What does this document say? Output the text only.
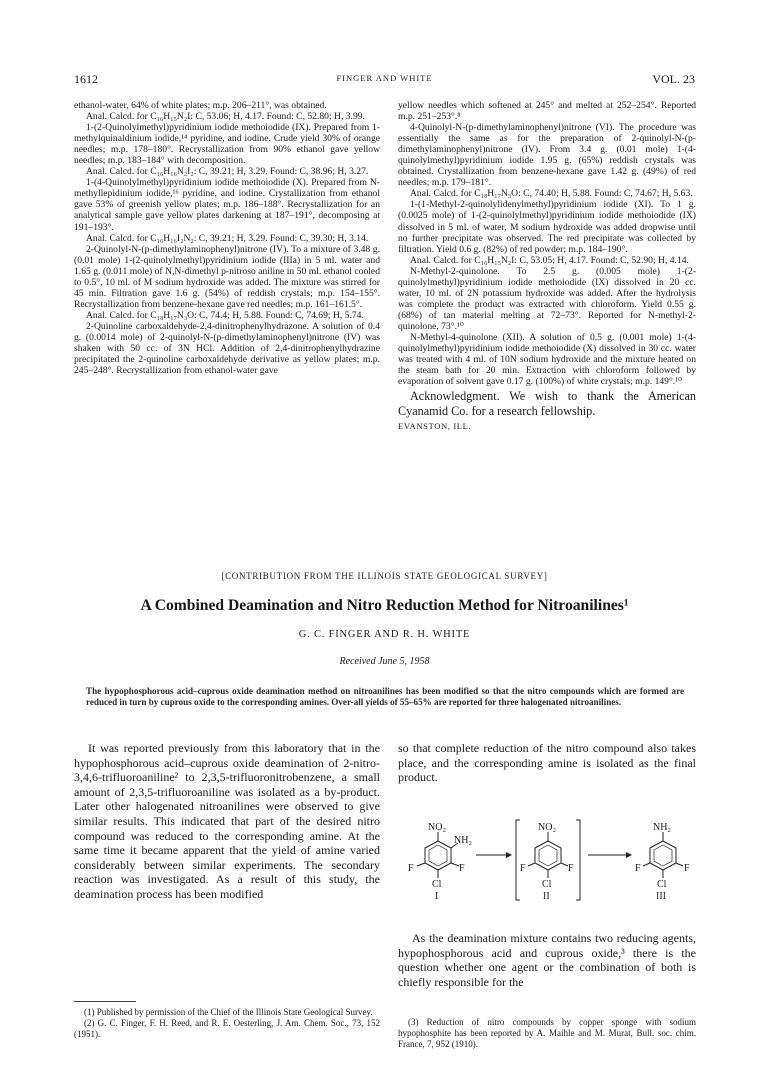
1612	FINGER AND WHITE	VOL. 23

ethanol-water, 64% of white plates; m.p. 206–211°, was obtained.

Anal. Calcd. for C₁₆H₁₅N₂I: C, 53.06; H, 4.17. Found: C, 52.80; H, 3.99.

1-(2-Quinolylmethyl)pyridinium iodide methoiodide (IX). Prepared from 1-methylquinaldinium iodide,¹⁴ pyridine, and iodine. Crude yield 30% of orange needles; m.p. 178–180°. Recrystallization from 90% ethanol gave yellow needles; m.p. 183–184° with decomposition.

Anal. Calcd. for C₁₆H₁₆N₂I₂: C, 39.21; H, 3.29. Found: C, 38.96; H, 3.27.

1-(4-Quinolylmethyl)pyridinium iodide methoiodide (X). Prepared from N-methyllepidinium iodide,¹⁶ pyridine, and iodine. Crystallization from ethanol gave 53% of greenish yellow plates; m.p. 186–188°. Recrystallization for an analytical sample gave yellow plates darkening at 187–191°, decomposing at 191–193°.

Anal. Calcd. for C₁₆H₁₆I₂N₂: C, 39.21; H, 3.29. Found: C, 39.30; H, 3.14.

2-Quinolyl-N-(p-dimethylaminophenyl)nitrone (IV). To a mixture of 3.48 g. (0.01 mole) 1-(2-quinolylmethyl)pyridinium iodide (IIIa) in 5 ml. water and 1.65 g. (0.011 mole) of N,N-dimethyl p-nitroso aniline in 50 ml. ethanol cooled to 0.5°, 10 ml. of M sodium hydroxide was added. The mixture was stirred for 45 min. Filtration gave 1.6 g. (54%) of reddish crystals; m.p. 154–155°. Recrystallization from benzene-hexane gave red needles; m.p. 161–161.5°.

Anal. Calcd. for C₁₈H₁₇N₃O: C, 74.4; H, 5.88. Found: C, 74.69; H, 5.74.

2-Quinoline carboxaldehyde-2,4-dinitrophenylhydrazone. A solution of 0.4 g. (0.0014 mole) of 2-quinolyl-N-(p-dimethylaminophenyl)nitrone (IV) was shaken with 50 cc. of 3N HCl. Addition of 2,4-dinitrophenylhydrazine precipitated the 2-quinoline carboxaldehyde derivative as yellow plates; m.p. 245–248°. Recrystallization from ethanol-water gave

yellow needles which softened at 245° and melted at 252–254°. Reported m.p. 251–253°.⁸

4-Quinolyl-N-(p-dimethylaminophenyl)nitrone (VI). The procedure was essentially the same as for the preparation of 2-quinolyl-N-(p-dimethylaminophenyl)nitrone (IV). From 3.4 g. (0.01 mole) 1-(4-quinolylmethyl)pyridinium iodide 1.95 g. (65%) reddish crystals was obtained. Crystallization from benzene-hexane gave 1.42 g. (49%) of red needles; m.p. 179–181°.

Anal. Calcd. for C₁₈H₁₇N₃O: C, 74.40; H, 5.88. Found: C, 74.67; H, 5.63.

1-(1-Methyl-2-quinolylidenylmethyl)pyridinium iodide (XI). To 1 g. (0.0025 mole) of 1-(2-quinolylmethyl)pyridinium iodide methoiodide (IX) dissolved in 5 ml. of water, M sodium hydroxide was added dropwise until no further precipitate was observed. The red precipitate was collected by filtration. Yield 0.6 g. (82%) of red powder; m.p. 184–190°.

Anal. Calcd. for C₁₆H₁₅N₂I: C, 53.05; H, 4.17. Found: C, 52.90; H, 4.14.

N-Methyl-2-quinolone. To 2.5 g. (0.005 mole) 1-(2-quinolylmethyl)pyridinium iodide methoiodide (IX) dissolved in 20 cc. water, 10 ml. of 2N potassium hydroxide was added. After the hydrolysis was complete the product was extracted with chloroform. Yield 0.55 g. (68%) of tan material melting at 72–73°. Reported for N-methyl-2-quinolone, 73°.¹⁰

N-Methyl-4-quinolone (XII). A solution of 0.5 g. (0.001 mole) 1-(4-quinolylmethyl)pyridinium iodide methoiodide (X) dissolved in 30 cc. water was treated with 4 ml. of 10N sodium hydroxide and the mixture heated on the steam bath for 20 min. Extraction with chloroform followed by evaporation of solvent gave 0.17 g. (100%) of white crystals; m.p. 149°.¹⁰

Acknowledgment. We wish to thank the American Cyanamid Co. for a research fellowship.

EVANSTON, ILL.

[CONTRIBUTION FROM THE ILLINOIS STATE GEOLOGICAL SURVEY]
A Combined Deamination and Nitro Reduction Method for Nitroanilines¹
G. C. FINGER AND R. H. WHITE
Received June 5, 1958
The hypophosphorous acid–cuprous oxide deamination method on nitroanilines has been modified so that the nitro compounds which are formed are reduced in turn by cuprous oxide to the corresponding amines. Over-all yields of 55–65% are reported for three halogenated nitroanilines.

It was reported previously from this laboratory that in the hypophosphorous acid–cuprous oxide deamination of 2-nitro-3,4,6-trifluoroaniline² to 2,3,5-trifluoronitrobenzene, a small amount of 2,3,5-trifluoroaniline was isolated as a by-product. Later other halogenated nitroanilines were observed to give similar results. This indicated that part of the desired nitro compound was reduced to the corresponding amine. At the same time it became apparent that the yield of amine varied considerably between similar experiments. The secondary reaction was investigated. As a result of this study, the deamination process has been modified

so that complete reduction of the nitro compound also takes place, and the corresponding amine is isolated as the final product.

NO₂
NH₂
F	F
Cl
I
NO₂
F	F
Cl
II
NH₂
F	F
Cl
III

As the deamination mixture contains two reducing agents, hypophosphorous acid and cuprous oxide,³ there is the question whether one agent or the combination of both is chiefly responsible for the

(1) Published by permission of the Chief of the Illinois State Geological Survey.

(2) G. C. Finger, F. H. Reed, and R. E. Oesterling, J. Am. Chem. Soc., 73, 152 (1951).

(3) Reduction of nitro compounds by copper sponge with sodium hypophosphite has been reported by A. Maihle and M. Murat, Bull. soc. chim. France, 7, 952 (1910).
